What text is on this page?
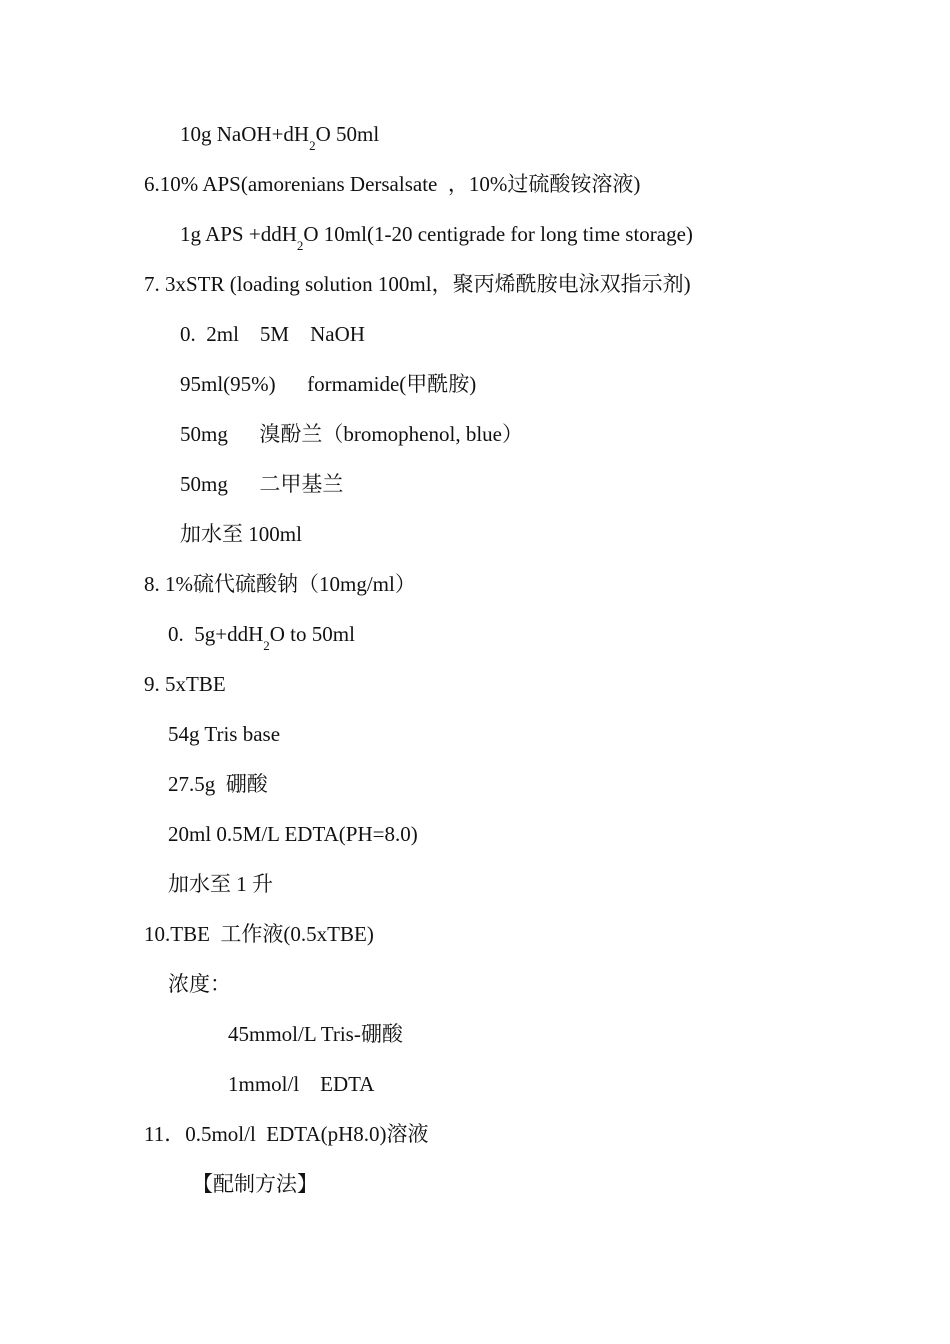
10g $NaOH+dH_2O$ 50ml
6.10% APS(amorenians Dersalsate  ，10%过硫酸铵溶液)
1g APS +ddH$_2$O 10ml(1-20 centigrade for long time storage)
7. 3xSTR (loading solution 100ml，聚丙烯酰胺电泳双指示剂)
0.  2ml    5M    NaOH
95ml(95%)      formamide(甲酰胺)
50mg      溴酚兰（bromophenol, blue）
50mg      二甲基兰
加水至 100ml
8. 1%硫代硫酸钠（10mg/ml）
0.  5g+ddH$_2$O to 50ml
9. 5xTBE
54g Tris base
27.5g  硼酸
20ml 0.5M/L EDTA(PH=8.0)
加水至 1 升
10.TBE  工作液(0.5xTBE)
浓度：
45mmol/L Tris-硼酸
1mmol/l    EDTA
11．0.5mol/l  EDTA(pH8.0)溶液
【配制方法】
